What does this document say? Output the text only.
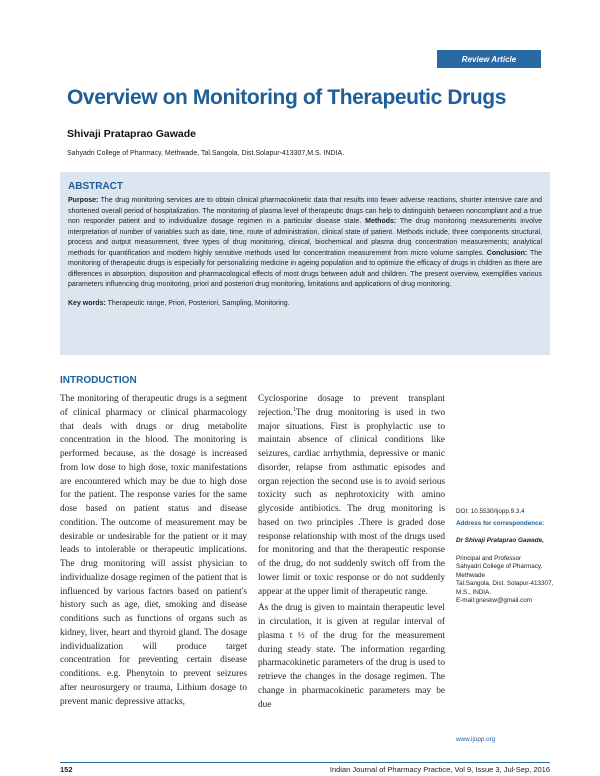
Review Article
Overview on Monitoring of Therapeutic Drugs
Shivaji Prataprao Gawade
Sahyadri College of Pharmacy, Methwade, Tal.Sangola, Dist.Solapur-413307,M.S. INDIA.
ABSTRACT
Purpose: The drug monitoring services are to obtain clinical pharmacokinetic data that results into fewer adverse reactions, shorter intensive care and shortened overall period of hospitalization. The monitoring of plasma level of therapeutic drugs can help to distinguish between noncompliant and a true non responder patient and to individualize dosage regimen in a particular disease state. Methods: The drug monitoring measurements involve interpretation of number of variables such as date, time, route of administration, clinical state of patient. Methods include, three components structural, process and output measurement, three types of drug monitoring, clinical, biochemical and plasma drug concentration measurements; analytical methods for quantification and modern highly sensitive methods used for concentration measurement from micro volume samples. Conclusion: The monitoring of therapeutic drugs is especially for personalizing medicine in ageing population and to optimize the efficacy of drugs in children as there are differences in absorption, disposition and pharmacological effects of most drugs between adult and children. The present overview, exemplifies various parameters influencing drug monitoring, priori and posteriori drug monitoring, limitations and applications of drug monitoring.
Key words: Therapeutic range, Priori, Posteriori, Sampling, Monitoring.
INTRODUCTION

The monitoring of therapeutic drugs is a segment of clinical pharmacy or clinical pharmacology that deals with drugs or drug metabolite concentration in the blood. The monitoring is performed because, as the dosage is increased from low dose to high dose, toxic manifestations are encountered which may be due to high dose for the patient. The response varies for the same dose based on patient status and disease condition. The outcome of measurement may be desirable or undesirable for the patient or it may leads to intolerable or therapeutic implications. The drug monitoring will assist physician to individualize dosage regimen of the patient that is influenced by various factors based on patient's history such as age, diet, smoking and disease conditions such as functions of organs such as kidney, liver, heart and thyroid gland. The dosage individualization will produce target concentration for preventing certain disease conditions. e.g. Phenytoin to prevent seizures after neurosurgery or trauma, Lithium dosage to prevent manic depressive attacks,

Cyclosporine dosage to prevent transplant rejection.$^1$The drug monitoring is used in two major situations. First is prophylactic use to maintain absence of clinical conditions like seizures, cardiac arrhythmia, depressive or manic disorder, relapse from asthmatic episodes and organ rejection the second use is to avoid serious toxicity such as nephrotoxicity with amino glycoside antibiotics. The drug monitoring is based on two principles .There is graded dose response relationship with most of the drugs used for monitoring and that the therapeutic response of the drug, do not suddenly switch off from the lower limit or toxic response or do not suddenly appear at the upper limit of therapeutic range.

As the drug is given to maintain therapeutic level in circulation, it is given at regular interval of plasma t ½ of the drug for the measurement during steady state. The information regarding pharmacokinetic parameters of the drug is used to retrieve the changes in the dosage regimen. The change in pharmacokinetic parameters may be due

DOI: 10.5530/Ijopp.9.3.4
Address for correspondence:
Dr Shivaji Prataprao Gawade,
Principal and Professor
Sahyadri College of Pharmacy, Methwade
Tal.Sangola, Dist. Solapur-413307, M.S., INDIA.
E-mail:gneskw@gmail.com
www.ijopp.org
152	Indian Journal of Pharmacy Practice, Vol 9, Issue 3, Jul-Sep, 2016
